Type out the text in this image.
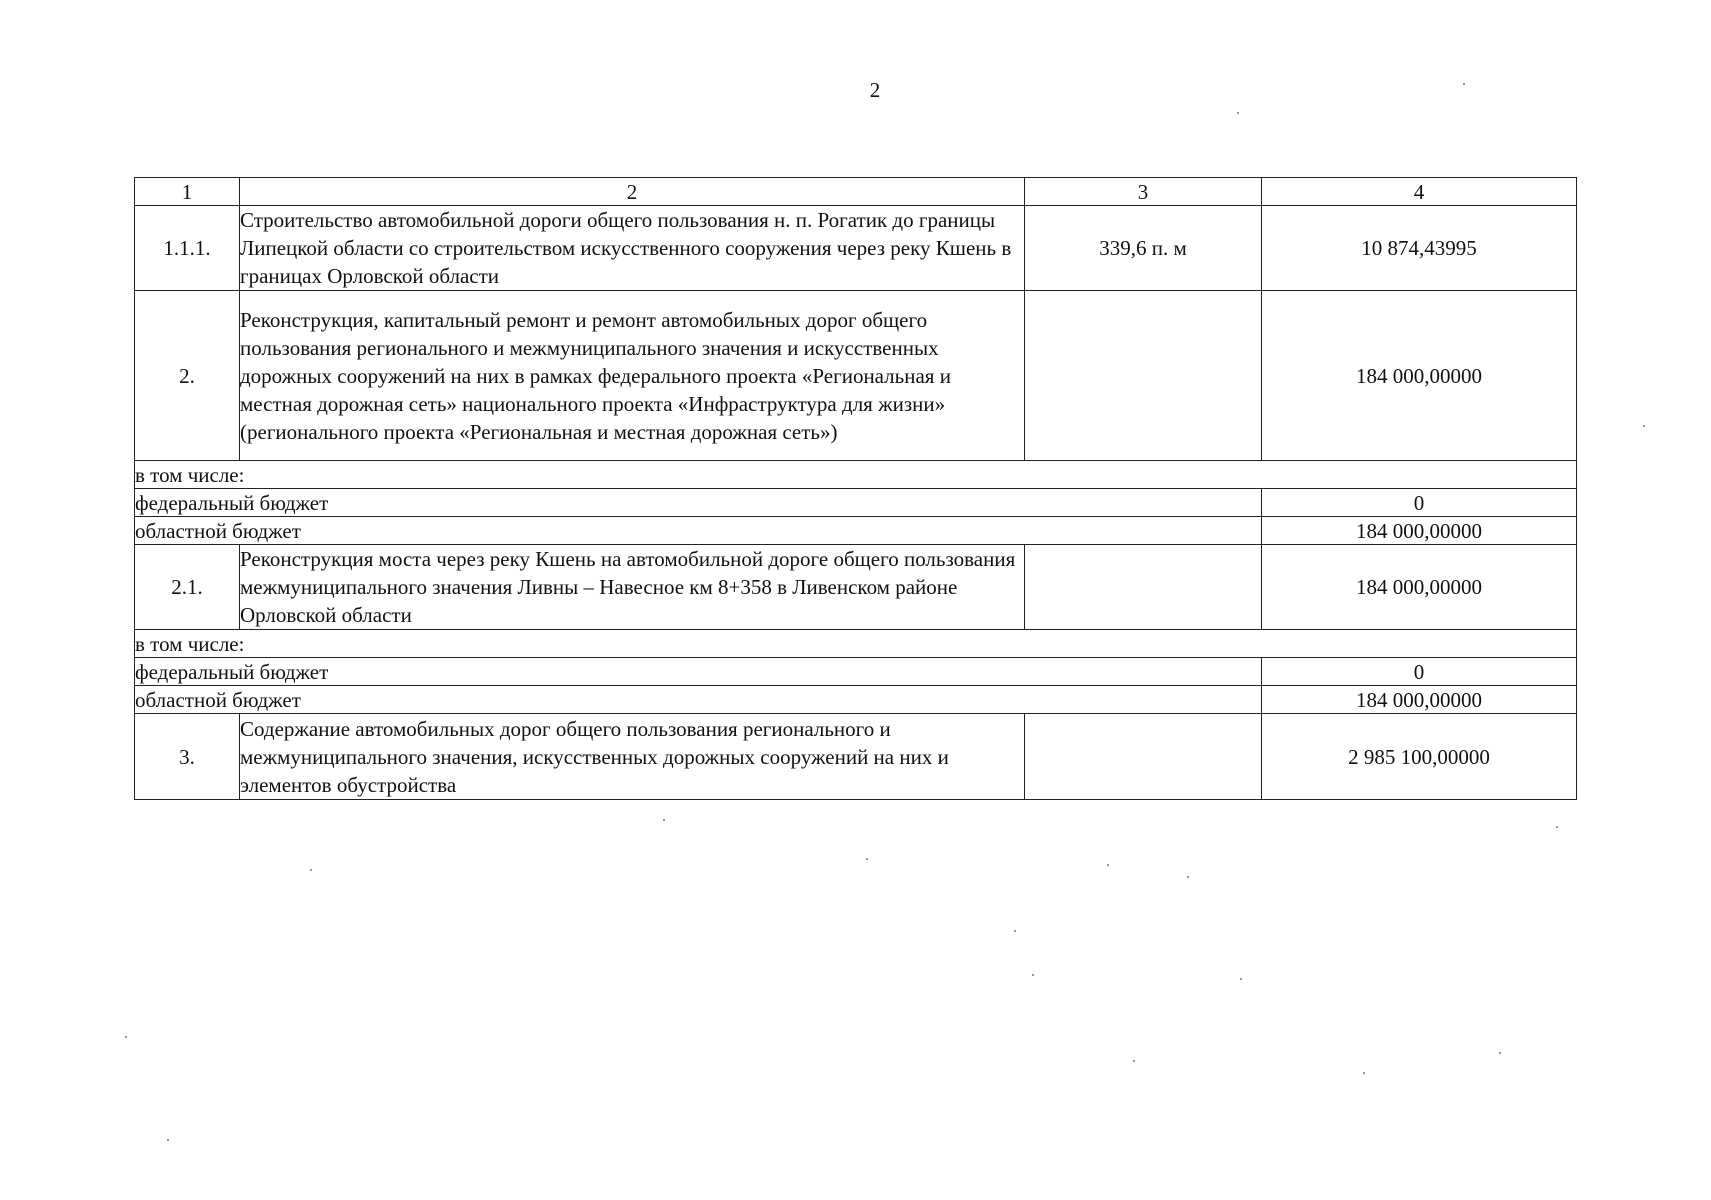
2
1	2	3	4
1.1.1.	Строительство автомобильной дороги общего пользования н. п. Рогатик до границы Липецкой области со строительством искусственного сооружения через реку Кшень в границах Орловской области	339,6 п. м	10 874,43995
2.	Реконструкция, капитальный ремонт и ремонт автомобильных дорог общего пользования регионального и межмуниципального значения и искусственных дорожных сооружений на них в рамках федерального проекта «Региональная и местная дорожная сеть» национального проекта «Инфраструктура для жизни» (регионального проекта «Региональная и местная дорожная сеть»)		184 000,00000
в том числе:			
федеральный бюджет			0
областной бюджет			184 000,00000
2.1.	Реконструкция моста через реку Кшень на автомобильной дороге общего пользования межмуниципального значения Ливны – Навесное км 8+358 в Ливенском районе Орловской области		184 000,00000
в том числе:			
федеральный бюджет			0
областной бюджет			184 000,00000
3.	Содержание автомобильных дорог общего пользования регионального и межмуниципального значения, искусственных дорожных сооружений на них и элементов обустройства		2 985 100,00000
